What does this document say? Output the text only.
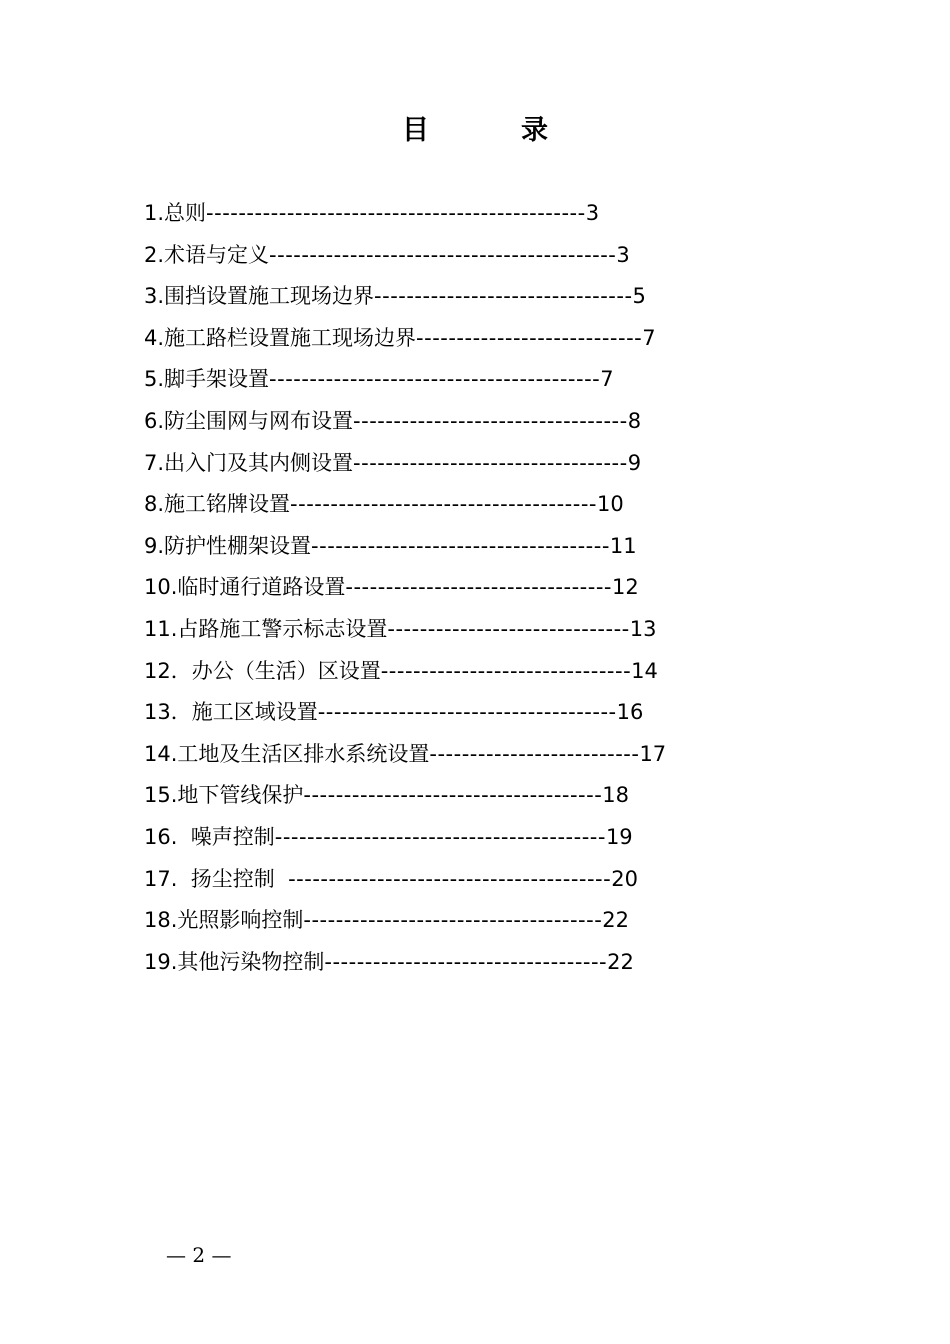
目	录
1.总则-----------------------------------------------3
2.术语与定义-------------------------------------------3
3.围挡设置施工现场边界--------------------------------5
4.施工路栏设置施工现场边界----------------------------7
5.脚手架设置-----------------------------------------7
6.防尘围网与网布设置----------------------------------8
7.出入门及其内侧设置----------------------------------9
8.施工铭牌设置--------------------------------------10
9.防护性棚架设置-------------------------------------11
10.临时通行道路设置---------------------------------12
11.占路施工警示标志设置------------------------------13
12．办公（生活）区设置-------------------------------14
13．施工区域设置-------------------------------------16
14.工地及生活区排水系统设置--------------------------17
15.地下管线保护-------------------------------------18
16.  噪声控制-----------------------------------------19
17.  扬尘控制  ----------------------------------------20
18.光照影响控制-------------------------------------22
19.其他污染物控制-----------------------------------22
— 2 —
